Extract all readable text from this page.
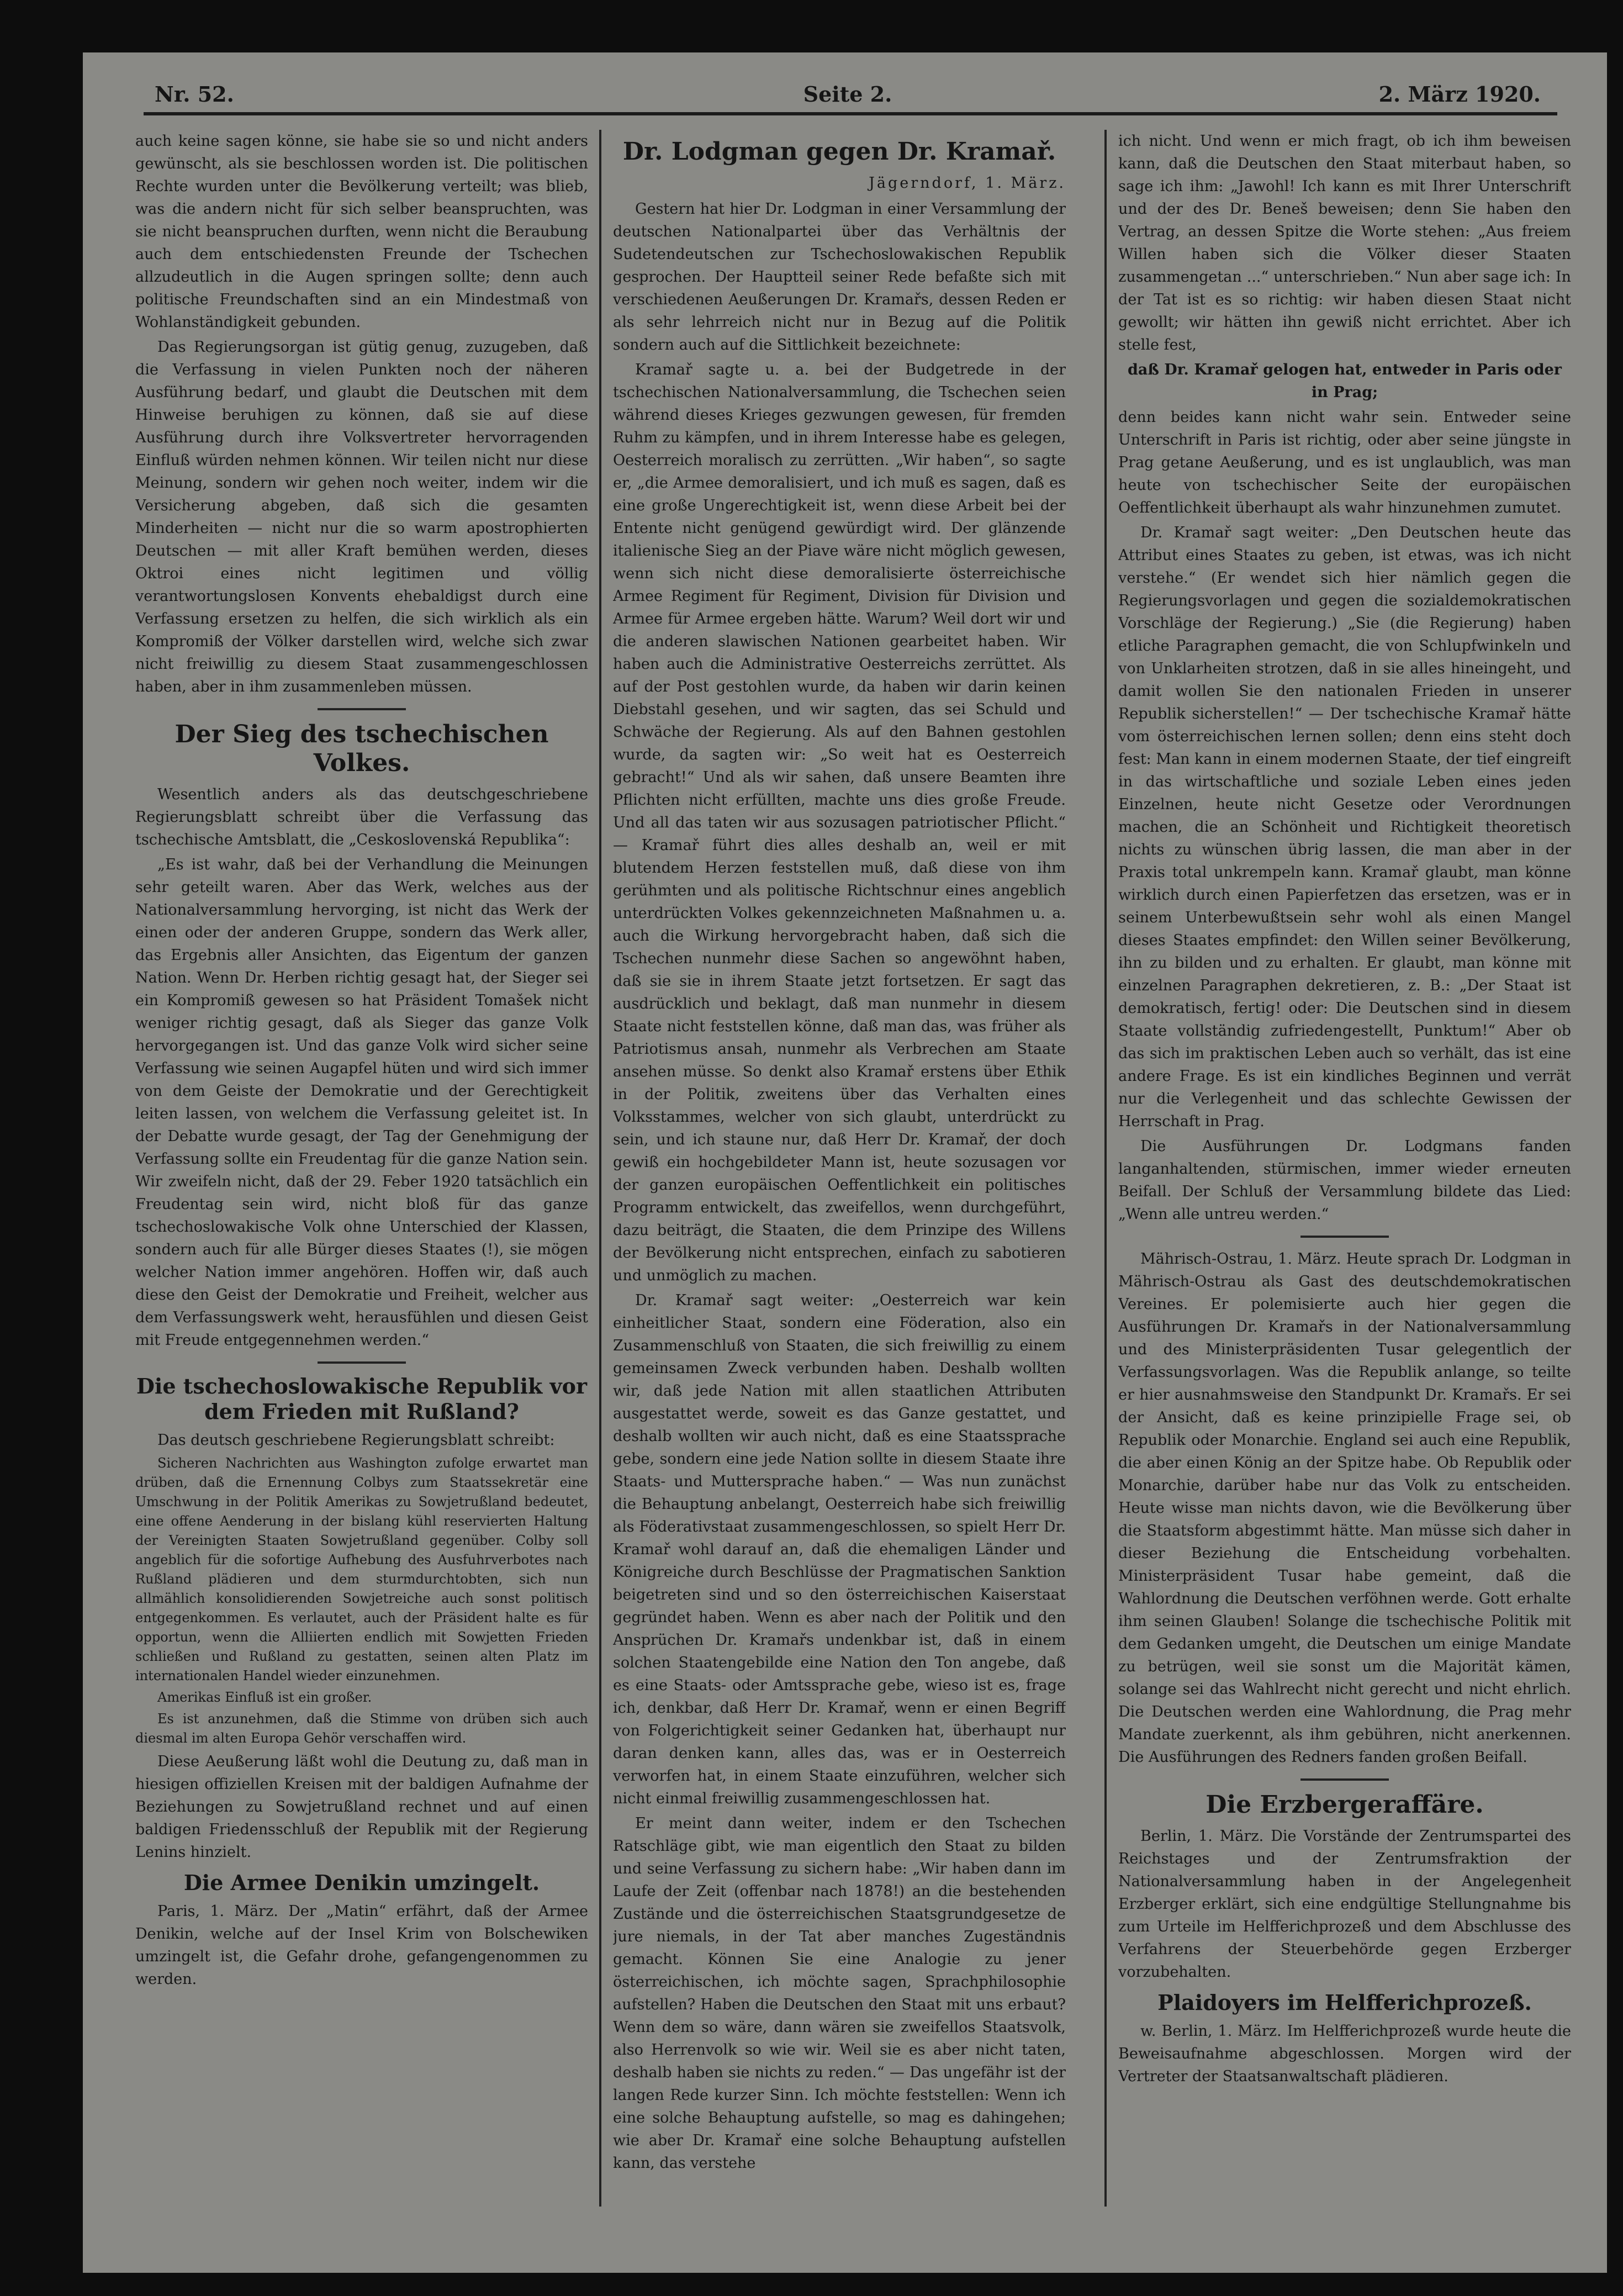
Nr. 52.	Seite 2.	2. März 1920.

auch keine sagen könne, sie habe sie so und nicht anders gewünscht, als sie beschlossen worden ist. Die politischen Rechte wurden unter die Bevölkerung verteilt; was blieb, was die andern nicht für sich selber beanspruchten, was sie nicht beanspruchen durften, wenn nicht die Beraubung auch dem entschiedensten Freunde der Tschechen allzudeutlich in die Augen springen sollte; denn auch politische Freundschaften sind an ein Mindestmaß von Wohlanständigkeit gebunden.

Das Regierungsorgan ist gütig genug, zuzugeben, daß die Verfassung in vielen Punkten noch der näheren Ausführung bedarf, und glaubt die Deutschen mit dem Hinweise beruhigen zu können, daß sie auf diese Ausführung durch ihre Volksvertreter hervorragenden Einfluß würden nehmen können. Wir teilen nicht nur diese Meinung, sondern wir gehen noch weiter, indem wir die Versicherung abgeben, daß sich die gesamten Minderheiten — nicht nur die so warm apostrophierten Deutschen — mit aller Kraft bemühen werden, dieses Oktroi eines nicht legitimen und völlig verantwortungslosen Konvents ehebaldigst durch eine Verfassung ersetzen zu helfen, die sich wirklich als ein Kompromiß der Völker darstellen wird, welche sich zwar nicht freiwillig zu diesem Staat zusammengeschlossen haben, aber in ihm zusammenleben müssen.

Der Sieg des tschechischen Volkes.

Wesentlich anders als das deutschgeschriebene Regierungsblatt schreibt über die Verfassung das tschechische Amtsblatt, die „Ceskoslovenská Republika“:

„Es ist wahr, daß bei der Verhandlung die Meinungen sehr geteilt waren. Aber das Werk, welches aus der Nationalversammlung hervorging, ist nicht das Werk der einen oder der anderen Gruppe, sondern das Werk aller, das Ergebnis aller Ansichten, das Eigentum der ganzen Nation. Wenn Dr. Herben richtig gesagt hat, der Sieger sei ein Kompromiß gewesen so hat Präsident Tomašek nicht weniger richtig gesagt, daß als Sieger das ganze Volk hervorgegangen ist. Und das ganze Volk wird sicher seine Verfassung wie seinen Augapfel hüten und wird sich immer von dem Geiste der Demokratie und der Gerechtigkeit leiten lassen, von welchem die Verfassung geleitet ist. In der Debatte wurde gesagt, der Tag der Genehmigung der Verfassung sollte ein Freudentag für die ganze Nation sein. Wir zweifeln nicht, daß der 29. Feber 1920 tatsächlich ein Freudentag sein wird, nicht bloß für das ganze tschechoslowakische Volk ohne Unterschied der Klassen, sondern auch für alle Bürger dieses Staates (!), sie mögen welcher Nation immer angehören. Hoffen wir, daß auch diese den Geist der Demokratie und Freiheit, welcher aus dem Verfassungswerk weht, herausfühlen und diesen Geist mit Freude entgegennehmen werden.“

Die tschechoslowakische Republik vor dem Frieden mit Rußland?

Das deutsch geschriebene Regierungsblatt schreibt:

Sicheren Nachrichten aus Washington zufolge erwartet man drüben, daß die Ernennung Colbys zum Staatssekretär eine Umschwung in der Politik Amerikas zu Sowjetrußland bedeutet, eine offene Aenderung in der bislang kühl reservierten Haltung der Vereinigten Staaten Sowjetrußland gegenüber. Colby soll angeblich für die sofortige Aufhebung des Ausfuhrverbotes nach Rußland plädieren und dem sturmdurchtobten, sich nun allmählich konsolidierenden Sowjetreiche auch sonst politisch entgegenkommen. Es verlautet, auch der Präsident halte es für opportun, wenn die Alliierten endlich mit Sowjetten Frieden schließen und Rußland zu gestatten, seinen alten Platz im internationalen Handel wieder einzunehmen.

Amerikas Einfluß ist ein großer.

Es ist anzunehmen, daß die Stimme von drüben sich auch diesmal im alten Europa Gehör verschaffen wird.

Diese Aeußerung läßt wohl die Deutung zu, daß man in hiesigen offiziellen Kreisen mit der baldigen Aufnahme der Beziehungen zu Sowjetrußland rechnet und auf einen baldigen Friedensschluß der Republik mit der Regierung Lenins hinzielt.

Die Armee Denikin umzingelt.

Paris, 1. März. Der „Matin“ erfährt, daß der Armee Denikin, welche auf der Insel Krim von Bolschewiken umzingelt ist, die Gefahr drohe, gefangengenommen zu werden.

Dr. Lodgman gegen Dr. Kramař.
Jägerndorf, 1. März.

Gestern hat hier Dr. Lodgman in einer Versammlung der deutschen Nationalpartei über das Verhältnis der Sudetendeutschen zur Tschechoslowakischen Republik gesprochen. Der Hauptteil seiner Rede befaßte sich mit verschiedenen Aeußerungen Dr. Kramařs, dessen Reden er als sehr lehrreich nicht nur in Bezug auf die Politik sondern auch auf die Sittlichkeit bezeichnete:

Kramař sagte u. a. bei der Budgetrede in der tschechischen Nationalversammlung, die Tschechen seien während dieses Krieges gezwungen gewesen, für fremden Ruhm zu kämpfen, und in ihrem Interesse habe es gelegen, Oesterreich moralisch zu zerrütten. „Wir haben“, so sagte er, „die Armee demoralisiert, und ich muß es sagen, daß es eine große Ungerechtigkeit ist, wenn diese Arbeit bei der Entente nicht genügend gewürdigt wird. Der glänzende italienische Sieg an der Piave wäre nicht möglich gewesen, wenn sich nicht diese demoralisierte österreichische Armee Regiment für Regiment, Division für Division und Armee für Armee ergeben hätte. Warum? Weil dort wir und die anderen slawischen Nationen gearbeitet haben. Wir haben auch die Administrative Oesterreichs zerrüttet. Als auf der Post gestohlen wurde, da haben wir darin keinen Diebstahl gesehen, und wir sagten, das sei Schuld und Schwäche der Regierung. Als auf den Bahnen gestohlen wurde, da sagten wir: „So weit hat es Oesterreich gebracht!“ Und als wir sahen, daß unsere Beamten ihre Pflichten nicht erfüllten, machte uns dies große Freude. Und all das taten wir aus sozusagen patriotischer Pflicht.“ — Kramař führt dies alles deshalb an, weil er mit blutendem Herzen feststellen muß, daß diese von ihm gerühmten und als politische Richtschnur eines angeblich unterdrückten Volkes gekennzeichneten Maßnahmen u. a. auch die Wirkung hervorgebracht haben, daß sich die Tschechen nunmehr diese Sachen so angewöhnt haben, daß sie sie in ihrem Staate jetzt fortsetzen. Er sagt das ausdrücklich und beklagt, daß man nunmehr in diesem Staate nicht feststellen könne, daß man das, was früher als Patriotismus ansah, nunmehr als Verbrechen am Staate ansehen müsse. So denkt also Kramař erstens über Ethik in der Politik, zweitens über das Verhalten eines Volksstammes, welcher von sich glaubt, unterdrückt zu sein, und ich staune nur, daß Herr Dr. Kramař, der doch gewiß ein hochgebildeter Mann ist, heute sozusagen vor der ganzen europäischen Oeffentlichkeit ein politisches Programm entwickelt, das zweifellos, wenn durchgeführt, dazu beiträgt, die Staaten, die dem Prinzipe des Willens der Bevölkerung nicht entsprechen, einfach zu sabotieren und unmöglich zu machen.

Dr. Kramař sagt weiter: „Oesterreich war kein einheitlicher Staat, sondern eine Föderation, also ein Zusammenschluß von Staaten, die sich freiwillig zu einem gemeinsamen Zweck verbunden haben. Deshalb wollten wir, daß jede Nation mit allen staatlichen Attributen ausgestattet werde, soweit es das Ganze gestattet, und deshalb wollten wir auch nicht, daß es eine Staatssprache gebe, sondern eine jede Nation sollte in diesem Staate ihre Staats- und Muttersprache haben.“ — Was nun zunächst die Behauptung anbelangt, Oesterreich habe sich freiwillig als Föderativstaat zusammengeschlossen, so spielt Herr Dr. Kramař wohl darauf an, daß die ehemaligen Länder und Königreiche durch Beschlüsse der Pragmatischen Sanktion beigetreten sind und so den österreichischen Kaiserstaat gegründet haben. Wenn es aber nach der Politik und den Ansprüchen Dr. Kramařs undenkbar ist, daß in einem solchen Staatengebilde eine Nation den Ton angebe, daß es eine Staats- oder Amtssprache gebe, wieso ist es, frage ich, denkbar, daß Herr Dr. Kramař, wenn er einen Begriff von Folgerichtigkeit seiner Gedanken hat, überhaupt nur daran denken kann, alles das, was er in Oesterreich verworfen hat, in einem Staate einzuführen, welcher sich nicht einmal freiwillig zusammengeschlossen hat.

Er meint dann weiter, indem er den Tschechen Ratschläge gibt, wie man eigentlich den Staat zu bilden und seine Verfassung zu sichern habe: „Wir haben dann im Laufe der Zeit (offenbar nach 1878!) an die bestehenden Zustände und die österreichischen Staatsgrundgesetze de jure niemals, in der Tat aber manches Zugeständnis gemacht. Können Sie eine Analogie zu jener österreichischen, ich möchte sagen, Sprachphilosophie aufstellen? Haben die Deutschen den Staat mit uns erbaut? Wenn dem so wäre, dann wären sie zweifellos Staatsvolk, also Herrenvolk so wie wir. Weil sie es aber nicht taten, deshalb haben sie nichts zu reden.“ — Das ungefähr ist der langen Rede kurzer Sinn. Ich möchte feststellen: Wenn ich eine solche Behauptung aufstelle, so mag es dahingehen; wie aber Dr. Kramař eine solche Behauptung aufstellen kann, das verstehe

ich nicht. Und wenn er mich fragt, ob ich ihm beweisen kann, daß die Deutschen den Staat miterbaut haben, so sage ich ihm: „Jawohl! Ich kann es mit Ihrer Unterschrift und der des Dr. Beneš beweisen; denn Sie haben den Vertrag, an dessen Spitze die Worte stehen: „Aus freiem Willen haben sich die Völker dieser Staaten zusammengetan ...“ unterschrieben.“ Nun aber sage ich: In der Tat ist es so richtig: wir haben diesen Staat nicht gewollt; wir hätten ihn gewiß nicht errichtet. Aber ich stelle fest,

daß Dr. Kramař gelogen hat, entweder in Paris oder in Prag;

denn beides kann nicht wahr sein. Entweder seine Unterschrift in Paris ist richtig, oder aber seine jüngste in Prag getane Aeußerung, und es ist unglaublich, was man heute von tschechischer Seite der europäischen Oeffentlichkeit überhaupt als wahr hinzunehmen zumutet.

Dr. Kramař sagt weiter: „Den Deutschen heute das Attribut eines Staates zu geben, ist etwas, was ich nicht verstehe.“ (Er wendet sich hier nämlich gegen die Regierungsvorlagen und gegen die sozialdemokratischen Vorschläge der Regierung.) „Sie (die Regierung) haben etliche Paragraphen gemacht, die von Schlupfwinkeln und von Unklarheiten strotzen, daß in sie alles hineingeht, und damit wollen Sie den nationalen Frieden in unserer Republik sicherstellen!“ — Der tschechische Kramař hätte vom österreichischen lernen sollen; denn eins steht doch fest: Man kann in einem modernen Staate, der tief eingreift in das wirtschaftliche und soziale Leben eines jeden Einzelnen, heute nicht Gesetze oder Verordnungen machen, die an Schönheit und Richtigkeit theoretisch nichts zu wünschen übrig lassen, die man aber in der Praxis total unkrempeln kann. Kramař glaubt, man könne wirklich durch einen Papierfetzen das ersetzen, was er in seinem Unterbewußtsein sehr wohl als einen Mangel dieses Staates empfindet: den Willen seiner Bevölkerung, ihn zu bilden und zu erhalten. Er glaubt, man könne mit einzelnen Paragraphen dekretieren, z. B.: „Der Staat ist demokratisch, fertig! oder: Die Deutschen sind in diesem Staate vollständig zufriedengestellt, Punktum!“ Aber ob das sich im praktischen Leben auch so verhält, das ist eine andere Frage. Es ist ein kindliches Beginnen und verrät nur die Verlegenheit und das schlechte Gewissen der Herrschaft in Prag.

Die Ausführungen Dr. Lodgmans fanden langanhaltenden, stürmischen, immer wieder erneuten Beifall. Der Schluß der Versammlung bildete das Lied: „Wenn alle untreu werden.“

Mährisch-Ostrau, 1. März. Heute sprach Dr. Lodgman in Mährisch-Ostrau als Gast des deutschdemokratischen Vereines. Er polemisierte auch hier gegen die Ausführungen Dr. Kramařs in der Nationalversammlung und des Ministerpräsidenten Tusar gelegentlich der Verfassungsvorlagen. Was die Republik anlange, so teilte er hier ausnahmsweise den Standpunkt Dr. Kramařs. Er sei der Ansicht, daß es keine prinzipielle Frage sei, ob Republik oder Monarchie. England sei auch eine Republik, die aber einen König an der Spitze habe. Ob Republik oder Monarchie, darüber habe nur das Volk zu entscheiden. Heute wisse man nichts davon, wie die Bevölkerung über die Staatsform abgestimmt hätte. Man müsse sich daher in dieser Beziehung die Entscheidung vorbehalten. Ministerpräsident Tusar habe gemeint, daß die Wahlordnung die Deutschen verföhnen werde. Gott erhalte ihm seinen Glauben! Solange die tschechische Politik mit dem Gedanken umgeht, die Deutschen um einige Mandate zu betrügen, weil sie sonst um die Majorität kämen, solange sei das Wahlrecht nicht gerecht und nicht ehrlich. Die Deutschen werden eine Wahlordnung, die Prag mehr Mandate zuerkennt, als ihm gebühren, nicht anerkennen. Die Ausführungen des Redners fanden großen Beifall.

Die Erzbergeraffäre.

Berlin, 1. März. Die Vorstände der Zentrumspartei des Reichstages und der Zentrumsfraktion der Nationalversammlung haben in der Angelegenheit Erzberger erklärt, sich eine endgültige Stellungnahme bis zum Urteile im Helfferichprozeß und dem Abschlusse des Verfahrens der Steuerbehörde gegen Erzberger vorzubehalten.

Plaidoyers im Helfferichprozeß.

w. Berlin, 1. März. Im Helfferichprozeß wurde heute die Beweisaufnahme abgeschlossen. Morgen wird der Vertreter der Staatsanwaltschaft plädieren.
